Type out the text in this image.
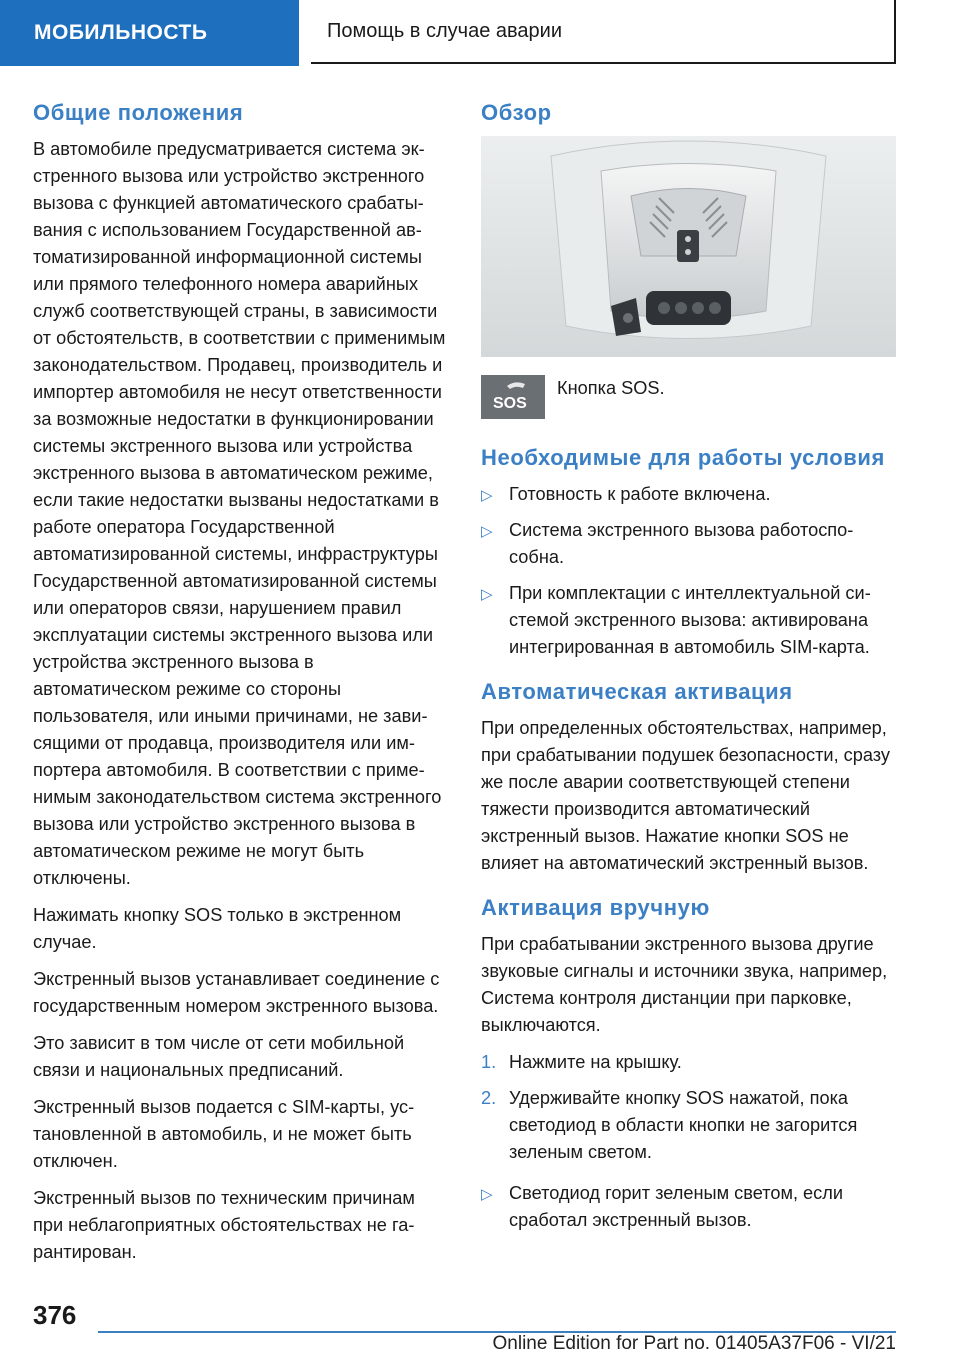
МОБИЛЬНОСТЬ	Помощь в случае аварии
Общие положения

В автомобиле предусматривается система экстренного вызова или устройство экстренного вызова с функцией автоматического срабатывания с использованием Государственной автоматизированной информационной системы или прямого телефонного номера аварийных служб соответствующей страны, в зависимости от обстоятельств, в соответствии с применимым законодательством. Продавец, производитель и импортер автомобиля не несут ответственности за возможные недостатки в функционировании системы экстренного вызова или устройства экстренного вызова в автоматическом режиме, если такие недостатки вызваны недостатками в работе оператора Государственной автоматизированной системы, инфраструктуры Государственной автоматизированной системы или операторов связи, нарушением правил эксплуатации системы экстренного вызова или устройства экстренного вызова в автоматическом режиме со стороны пользователя, или иными причинами, не зависящими от продавца, производителя или импортера автомобиля. В соответствии с применимым законодательством система экстренного вызова или устройство экстренного вызова в автоматическом режиме не могут быть отключены.

Нажимать кнопку SOS только в экстренном случае.

Экстренный вызов устанавливает соединение с государственным номером экстренного вызова.

Это зависит в том числе от сети мобильной связи и национальных предписаний.

Экстренный вызов подается с SIM-карты, установленной в автомобиль, и не может быть отключен.

Экстренный вызов по техническим причинам при неблагоприятных обстоятельствах не гарантирован.

Обзор
SOS
Кнопка SOS.
Необходимые для работы условия
▷ Готовность к работе включена.
▷ Система экстренного вызова работоспособна.
▷ При комплектации с интеллектуальной системой экстренного вызова: активирована интегрированная в автомобиль SIM-карта.
Автоматическая активация

При определенных обстоятельствах, например, при срабатывании подушек безопасности, сразу же после аварии соответствующей степени тяжести производится автоматический экстренный вызов. Нажатие кнопки SOS не влияет на автоматический экстренный вызов.

Активация вручную

При срабатывании экстренного вызова другие звуковые сигналы и источники звука, например, Система контроля дистанции при парковке, выключаются.

1. Нажмите на крышку.
2. Удерживайте кнопку SOS нажатой, пока светодиод в области кнопки не загорится зеленым светом.
▷ Светодиод горит зеленым светом, если сработал экстренный вызов.
376
Online Edition for Part no. 01405A37F06 - VI/21
